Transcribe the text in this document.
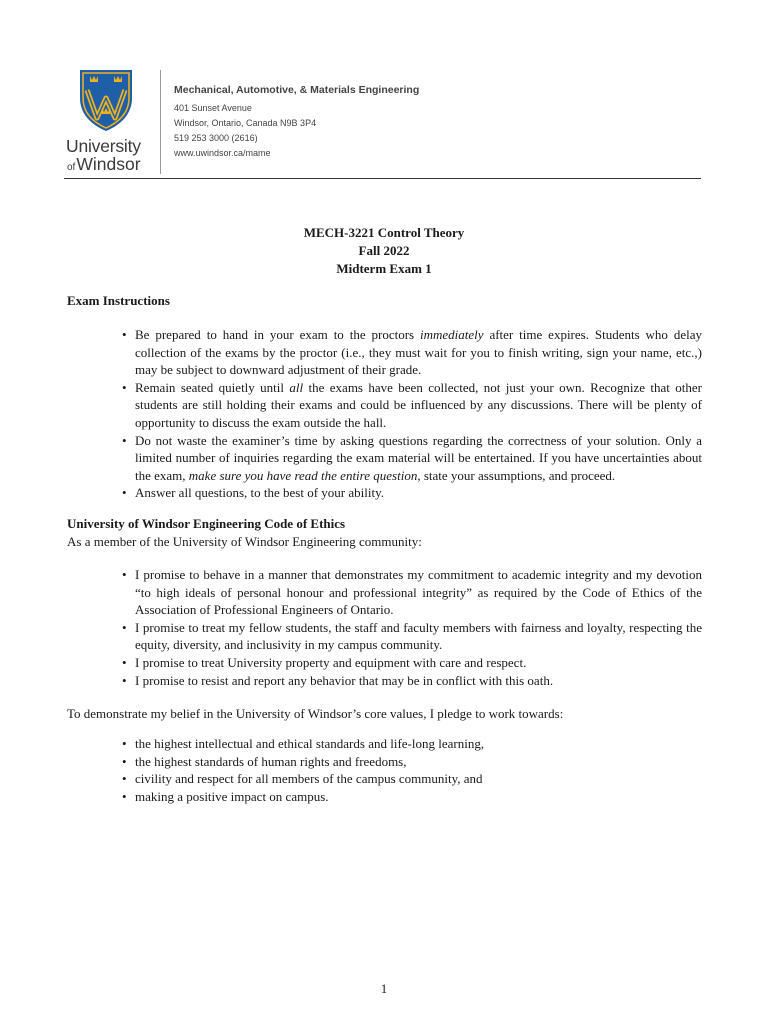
University
ofWindsor
Mechanical, Automotive, & Materials Engineering
401 Sunset Avenue
Windsor, Ontario, Canada N9B 3P4
519 253 3000 (2616)
www.uwindsor.ca/mame
MECH-3221 Control Theory
Fall 2022
Midterm Exam 1
Exam Instructions
• Be prepared to hand in your exam to the proctors immediately after time expires. Students who delay collection of the exams by the proctor (i.e., they must wait for you to finish writing, sign your name, etc.,) may be subject to downward adjustment of their grade.
• Remain seated quietly until all the exams have been collected, not just your own. Recognize that other students are still holding their exams and could be influenced by any discussions. There will be plenty of opportunity to discuss the exam outside the hall.
• Do not waste the examiner’s time by asking questions regarding the correctness of your solution. Only a limited number of inquiries regarding the exam material will be entertained. If you have uncertainties about the exam, make sure you have read the entire question, state your assumptions, and proceed.
• Answer all questions, to the best of your ability.
University of Windsor Engineering Code of Ethics
As a member of the University of Windsor Engineering community:
• I promise to behave in a manner that demonstrates my commitment to academic integrity and my devotion “to high ideals of personal honour and professional integrity” as required by the Code of Ethics of the Association of Professional Engineers of Ontario.
• I promise to treat my fellow students, the staff and faculty members with fairness and loyalty, respecting the equity, diversity, and inclusivity in my campus community.
• I promise to treat University property and equipment with care and respect.
• I promise to resist and report any behavior that may be in conflict with this oath.
To demonstrate my belief in the University of Windsor’s core values, I pledge to work towards:
• the highest intellectual and ethical standards and life-long learning,
• the highest standards of human rights and freedoms,
• civility and respect for all members of the campus community, and
• making a positive impact on campus.
1
